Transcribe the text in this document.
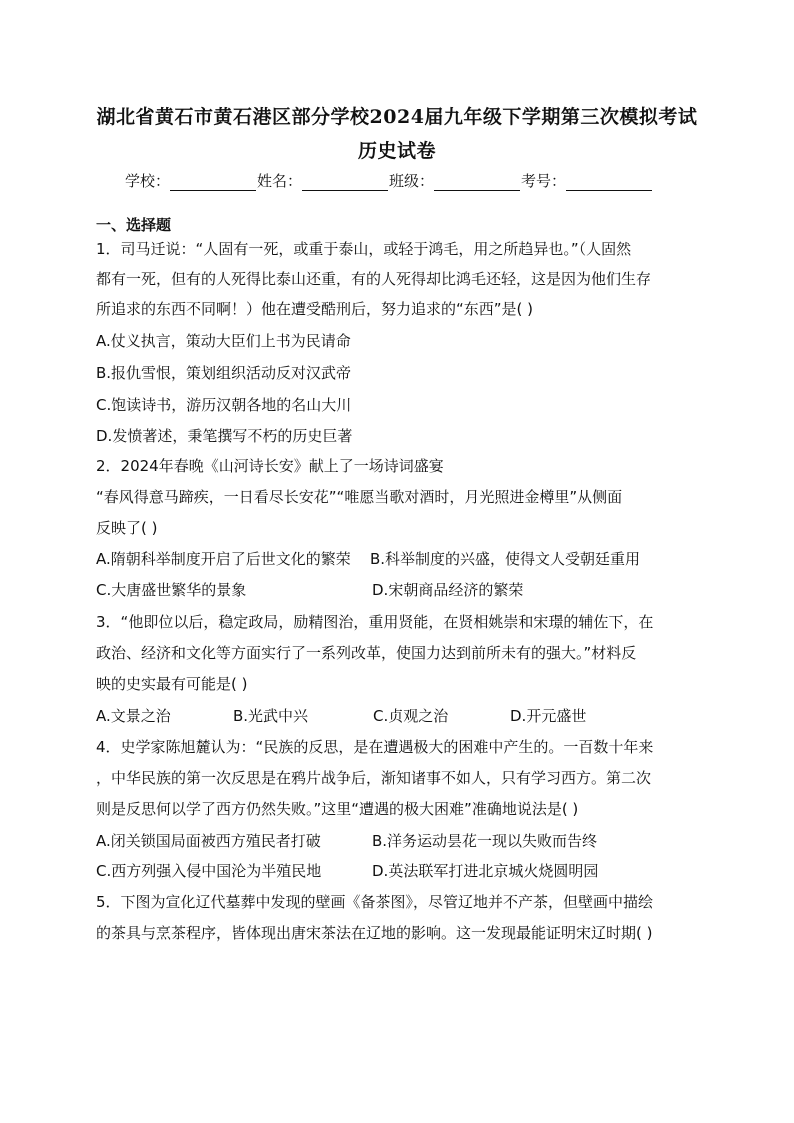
湖北省黄石市黄石港区部分学校2024届九年级下学期第三次模拟考试
历史试卷
学校：	姓名：	班级：	考号：
一、选择题
1．司马迁说：“人固有一死，或重于泰山，或轻于鸿毛，用之所趋异也。”（人固然
都有一死，但有的人死得比泰山还重，有的人死得却比鸿毛还轻，这是因为他们生存
所追求的东西不同啊！）他在遭受酷刑后，努力追求的“东西”是( )
A.仗义执言，策动大臣们上书为民请命
B.报仇雪恨，策划组织活动反对汉武帝
C.饱读诗书，游历汉朝各地的名山大川
D.发愤著述，秉笔撰写不朽的历史巨著
2．2024年春晚《山河诗长安》献上了一场诗词盛宴
“春风得意马蹄疾，一日看尽长安花”“唯愿当歌对酒时，月光照进金樽里”从侧面
反映了( )
A.隋朝科举制度开启了后世文化的繁荣 B.科举制度的兴盛，使得文人受朝廷重用
C.大唐盛世繁华的景象	D.宋朝商品经济的繁荣
3．“他即位以后，稳定政局，励精图治，重用贤能，在贤相姚崇和宋璟的辅佐下，在
政治、经济和文化等方面实行了一系列改革，使国力达到前所未有的强大。”材料反
映的史实最有可能是( )
A.文景之治	B.光武中兴	C.贞观之治	D.开元盛世
4．史学家陈旭麓认为：“民族的反思，是在遭遇极大的困难中产生的。一百数十年来
，中华民族的第一次反思是在鸦片战争后，渐知诸事不如人，只有学习西方。第二次
则是反思何以学了西方仍然失败。”这里“遭遇的极大困难”准确地说法是( )
A.闭关锁国局面被西方殖民者打破	B.洋务运动昙花一现以失败而告终
C.西方列强入侵中国沦为半殖民地	D.英法联军打进北京城火烧圆明园
5．下图为宣化辽代墓葬中发现的壁画《备茶图》，尽管辽地并不产茶，但壁画中描绘
的茶具与烹茶程序，皆体现出唐宋茶法在辽地的影响。这一发现最能证明宋辽时期( )
